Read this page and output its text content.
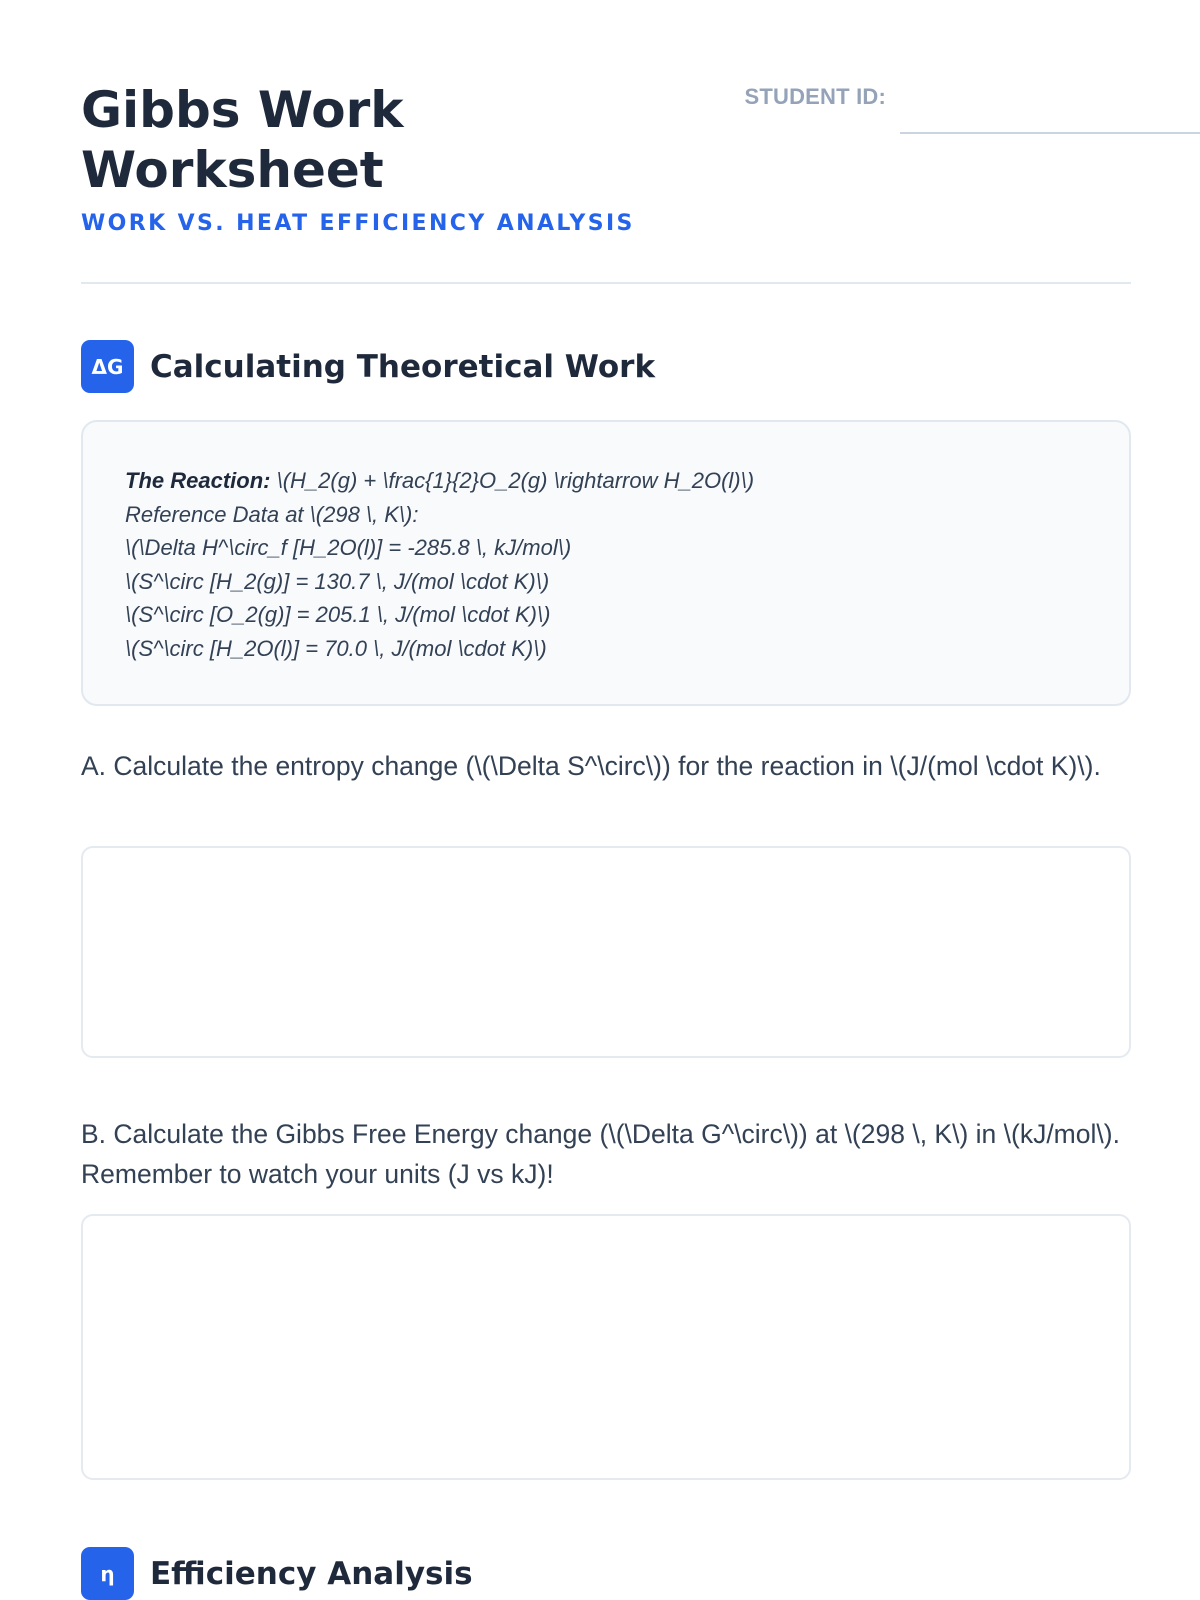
Gibbs Work Worksheet
WORK VS. HEAT EFFICIENCY ANALYSIS
STUDENT ID:
ΔG Calculating Theoretical Work
The Reaction: \(H_2(g) + \frac{1}{2}O_2(g) \rightarrow H_2O(l)\)
Reference Data at \(298 \, K\):
\(\Delta H^\circ_f [H_2O(l)] = -285.8 \, kJ/mol\)
\(S^\circ [H_2(g)] = 130.7 \, J/(mol \cdot K)\)
\(S^\circ [O_2(g)] = 205.1 \, J/(mol \cdot K)\)
\(S^\circ [H_2O(l)] = 70.0 \, J/(mol \cdot K)\)

A. Calculate the entropy change (\(\Delta S^\circ\)) for the reaction in \(J/(mol \cdot K)\).

B. Calculate the Gibbs Free Energy change (\(\Delta G^\circ\)) at \(298 \, K\) in \(kJ/mol\). Remember to watch your units (J vs kJ)!

η	Efficiency Analysis
